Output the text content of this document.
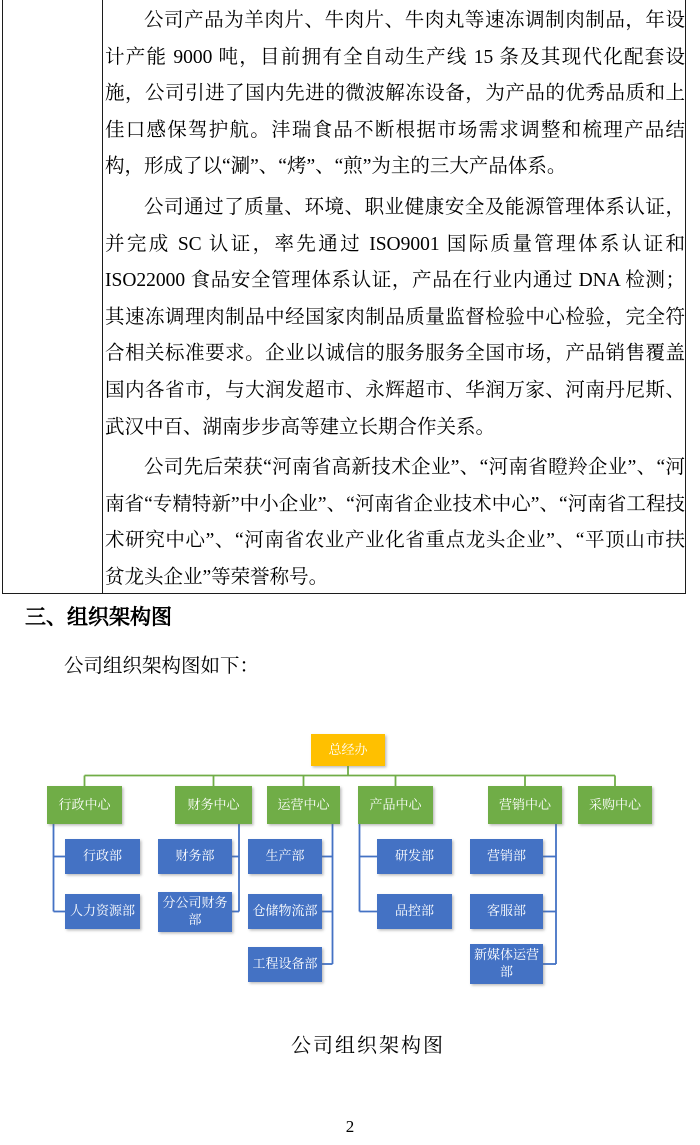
公司产品为羊肉片、牛肉片、牛肉丸等速冻调制肉制品，年设计产能 9000 吨，目前拥有全自动生产线 15 条及其现代化配套设施，公司引进了国内先进的微波解冻设备，为产品的优秀品质和上佳口感保驾护航。沣瑞食品不断根据市场需求调整和梳理产品结构，形成了以“涮”、“烤”、“煎”为主的三大产品体系。

公司通过了质量、环境、职业健康安全及能源管理体系认证，并完成 SC 认证，率先通过 ISO9001 国际质量管理体系认证和 ISO22000 食品安全管理体系认证，产品在行业内通过 DNA 检测；其速冻调理肉制品中经国家肉制品质量监督检验中心检验，完全符合相关标准要求。企业以诚信的服务服务全国市场，产品销售覆盖国内各省市，与大润发超市、永辉超市、华润万家、河南丹尼斯、武汉中百、湖南步步高等建立长期合作关系。

公司先后荣获“河南省高新技术企业”、“河南省瞪羚企业”、“河南省“专精特新”中小企业”、“河南省企业技术中心”、“河南省工程技术研究中心”、“河南省农业产业化省重点龙头企业”、“平顶山市扶贫龙头企业”等荣誉称号。

三、组织架构图
公司组织架构图如下：
总经办
行政中心
行政部
人力资源部
财务中心
财务部
分公司财务部
运营中心
生产部
仓储物流部
工程设备部
产品中心
研发部
品控部
营销中心
营销部
客服部
新媒体运营部
采购中心
公司组织架构图
2
